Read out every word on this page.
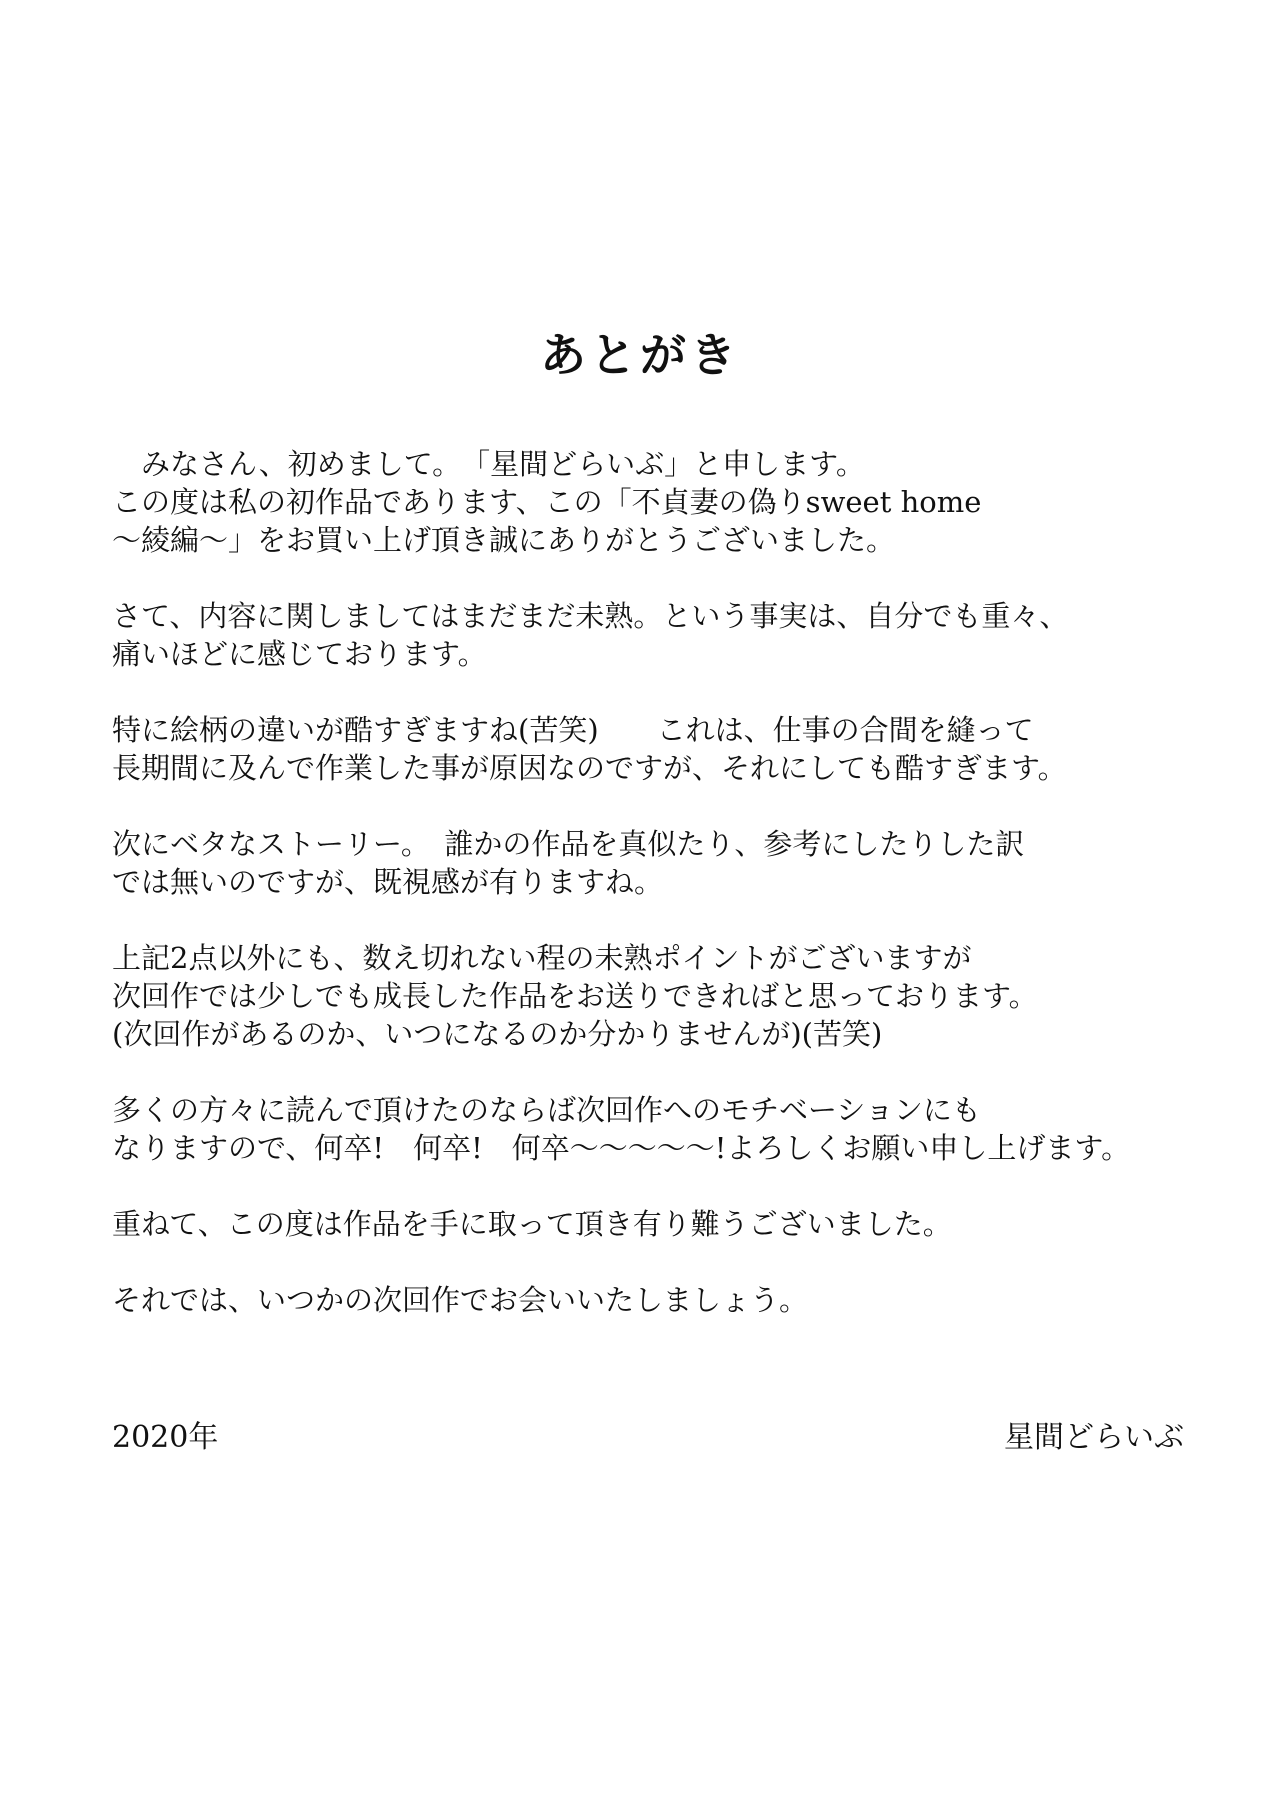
あとがき
　みなさん、初めまして。　「星間どらいぶ」と申します。
この度は私の初作品であります、この「不貞妻の偽りsweet home
～綾編～」をお買い上げ頂き誠にありがとうございました。
さて、内容に関しましてはまだまだ未熟。という事実は、自分でも重々、
痛いほどに感じております。
特に絵柄の違いが酷すぎますね(苦笑)　　これは、仕事の合間を縫って
長期間に及んで作業した事が原因なのですが、それにしても酷すぎます。
次にベタなストーリー。　誰かの作品を真似たり、参考にしたりした訳
では無いのですが、既視感が有りますね。
上記2点以外にも、数え切れない程の未熟ポイントがございますが
次回作では少しでも成長した作品をお送りできればと思っております。
(次回作があるのか、いつになるのか分かりませんが)(苦笑)
多くの方々に読んで頂けたのならば次回作へのモチベーションにも
なりますので、何卒!　何卒!　何卒～～～～～!よろしくお願い申し上げます。
重ねて、この度は作品を手に取って頂き有り難うございました。
それでは、いつかの次回作でお会いいたしましょう。
2020年	星間どらいぶ
